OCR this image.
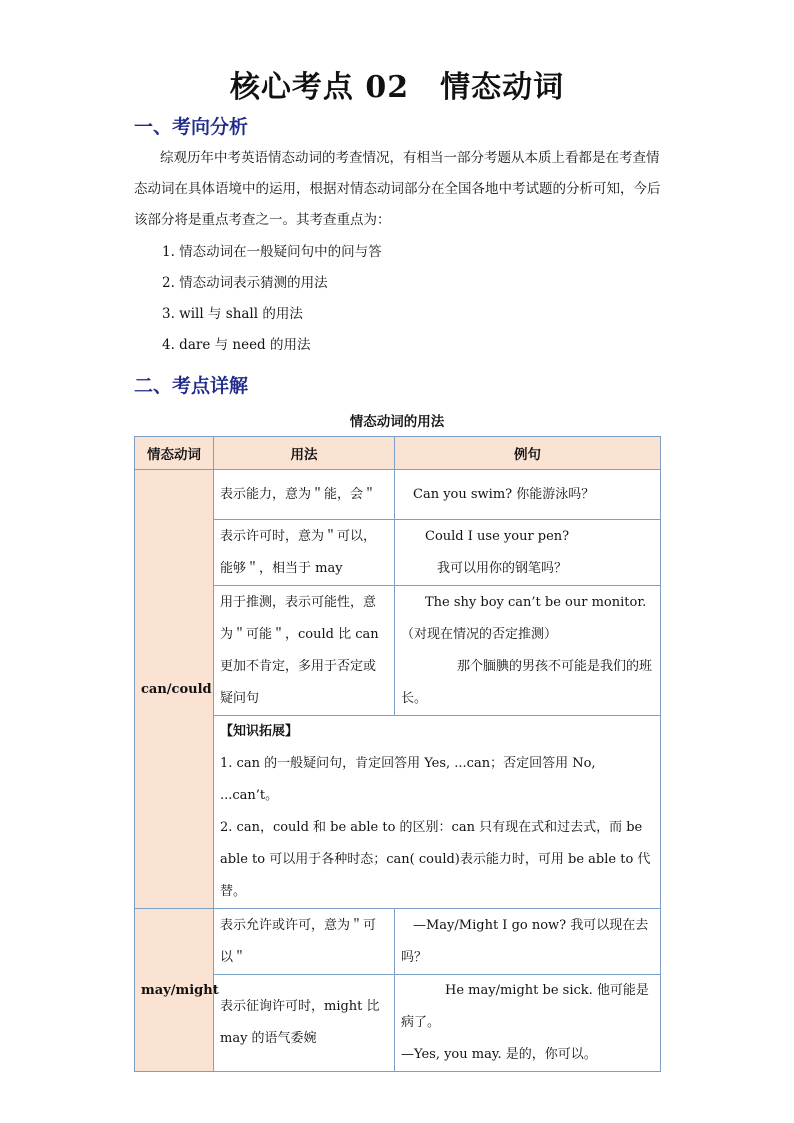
核心考点 02　情态动词
一、考向分析
综观历年中考英语情态动词的考查情况，有相当一部分考题从本质上看都是在考查情态动词在具体语境中的运用，根据对情态动词部分在全国各地中考试题的分析可知，今后该部分将是重点考查之一。其考查重点为：
1. 情态动词在一般疑问句中的问与答
2. 情态动词表示猜测的用法
3. will 与 shall 的用法
4. dare 与 need 的用法
二、考点详解
情态动词的用法
情态动词	用法	例句
can/could	表示能力，意为＂能，会＂	Can you swim? 你能游泳吗？
	表示许可时，意为＂可以，能够＂，相当于 may	Could I use your pen?
我可以用你的钢笔吗？

	用于推测，表示可能性，意为＂可能＂，could 比 can 更加不肯定，多用于否定或疑问句	The shy boy can’t be our monitor. （对现在情况的否定推测）
那个腼腆的男孩不可能是我们的班长。

	【知识拓展】
1. can 的一般疑问句，肯定回答用 Yes, ...can；否定回答用 No, ...can’t。
2. can，could 和 be able to 的区别：can 只有现在式和过去式，而 be able to 可以用于各种时态；can( could)表示能力时，可用 be able to 代替。	

may/might	表示允许或许可，意为＂可以＂	—May/Might I go now? 我可以现在去吗？
	表示征询许可时，might 比 may 的语气委婉	He may/might be sick. 他可能是病了。
—Yes, you may. 是的，你可以。
